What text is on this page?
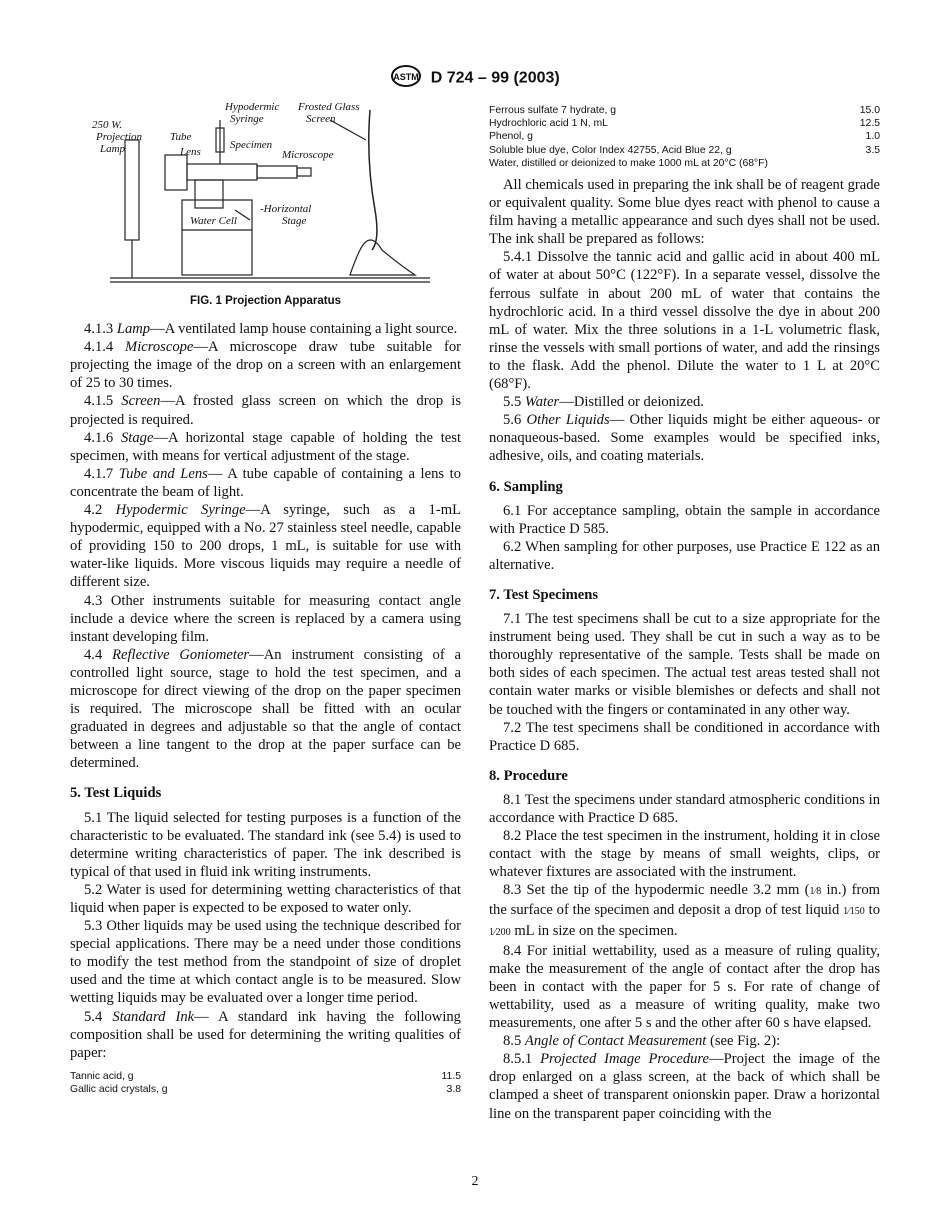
ASTM D 724 – 99 (2003)
Hypodermic
Syringe
Frosted Glass
Screen
250 W.
Projection
Lamp
Tube
Lens
Specimen
Microscope
-Horizontal
Stage
Water Cell
FIG. 1 Projection Apparatus

4.1.3 Lamp—A ventilated lamp house containing a light source.

4.1.4 Microscope—A microscope draw tube suitable for projecting the image of the drop on a screen with an enlargement of 25 to 30 times.

4.1.5 Screen—A frosted glass screen on which the drop is projected is required.

4.1.6 Stage—A horizontal stage capable of holding the test specimen, with means for vertical adjustment of the stage.

4.1.7 Tube and Lens— A tube capable of containing a lens to concentrate the beam of light.

4.2 Hypodermic Syringe—A syringe, such as a 1-mL hypodermic, equipped with a No. 27 stainless steel needle, capable of providing 150 to 200 drops, 1 mL, is suitable for use with water-like liquids. More viscous liquids may require a needle of different size.

4.3 Other instruments suitable for measuring contact angle include a device where the screen is replaced by a camera using instant developing film.

4.4 Reflective Goniometer—An instrument consisting of a controlled light source, stage to hold the test specimen, and a microscope for direct viewing of the drop on the paper specimen is required. The microscope shall be fitted with an ocular graduated in degrees and adjustable so that the angle of contact between a line tangent to the drop at the paper surface can be determined.

5. Test Liquids

5.1 The liquid selected for testing purposes is a function of the characteristic to be evaluated. The standard ink (see 5.4) is used to determine writing characteristics of paper. The ink described is typical of that used in fluid ink writing instruments.

5.2 Water is used for determining wetting characteristics of that liquid when paper is expected to be exposed to water only.

5.3 Other liquids may be used using the technique described for special applications. There may be a need under those conditions to modify the test method from the standpoint of size of droplet used and the time at which contact angle is to be measured. Slow wetting liquids may be evaluated over a longer time period.

5.4 Standard Ink— A standard ink having the following composition shall be used for determining the writing qualities of paper:

Tannic acid, g	11.5
Gallic acid crystals, g	3.8
Ferrous sulfate 7 hydrate, g	15.0
Hydrochloric acid 1 N, mL	12.5
Phenol, g	1.0
Soluble blue dye, Color Index 42755, Acid Blue 22, g	3.5
Water, distilled or deionized to make 1000 mL at 20°C (68°F)

All chemicals used in preparing the ink shall be of reagent grade or equivalent quality. Some blue dyes react with phenol to cause a film having a metallic appearance and such dyes shall not be used. The ink shall be prepared as follows:

5.4.1 Dissolve the tannic acid and gallic acid in about 400 mL of water at about 50°C (122°F). In a separate vessel, dissolve the ferrous sulfate in about 200 mL of water that contains the hydrochloric acid. In a third vessel dissolve the dye in about 200 mL of water. Mix the three solutions in a 1-L volumetric flask, rinse the vessels with small portions of water, and add the rinsings to the flask. Add the phenol. Dilute the water to 1 L at 20°C (68°F).

5.5 Water—Distilled or deionized.

5.6 Other Liquids— Other liquids might be either aqueous- or nonaqueous-based. Some examples would be specified inks, adhesive, oils, and coating materials.

6. Sampling

6.1 For acceptance sampling, obtain the sample in accordance with Practice D 585.

6.2 When sampling for other purposes, use Practice E 122 as an alternative.

7. Test Specimens

7.1 The test specimens shall be cut to a size appropriate for the instrument being used. They shall be cut in such a way as to be thoroughly representative of the sample. Tests shall be made on both sides of each specimen. The actual test areas tested shall not contain water marks or visible blemishes or defects and shall not be touched with the fingers or contaminated in any other way.

7.2 The test specimens shall be conditioned in accordance with Practice D 685.

8. Procedure

8.1 Test the specimens under standard atmospheric conditions in accordance with Practice D 685.

8.2 Place the test specimen in the instrument, holding it in close contact with the stage by means of small weights, clips, or whatever fixtures are associated with the instrument.

8.3 Set the tip of the hypodermic needle 3.2 mm (1⁄8 in.) from the surface of the specimen and deposit a drop of test liquid 1⁄150 to 1⁄200 mL in size on the specimen.

8.4 For initial wettability, used as a measure of ruling quality, make the measurement of the angle of contact after the drop has been in contact with the paper for 5 s. For rate of change of wettability, used as a measure of writing quality, make two measurements, one after 5 s and the other after 60 s have elapsed.

8.5 Angle of Contact Measurement (see Fig. 2):

8.5.1 Projected Image Procedure—Project the image of the drop enlarged on a glass screen, at the back of which shall be clamped a sheet of transparent onionskin paper. Draw a horizontal line on the transparent paper coinciding with the

2
